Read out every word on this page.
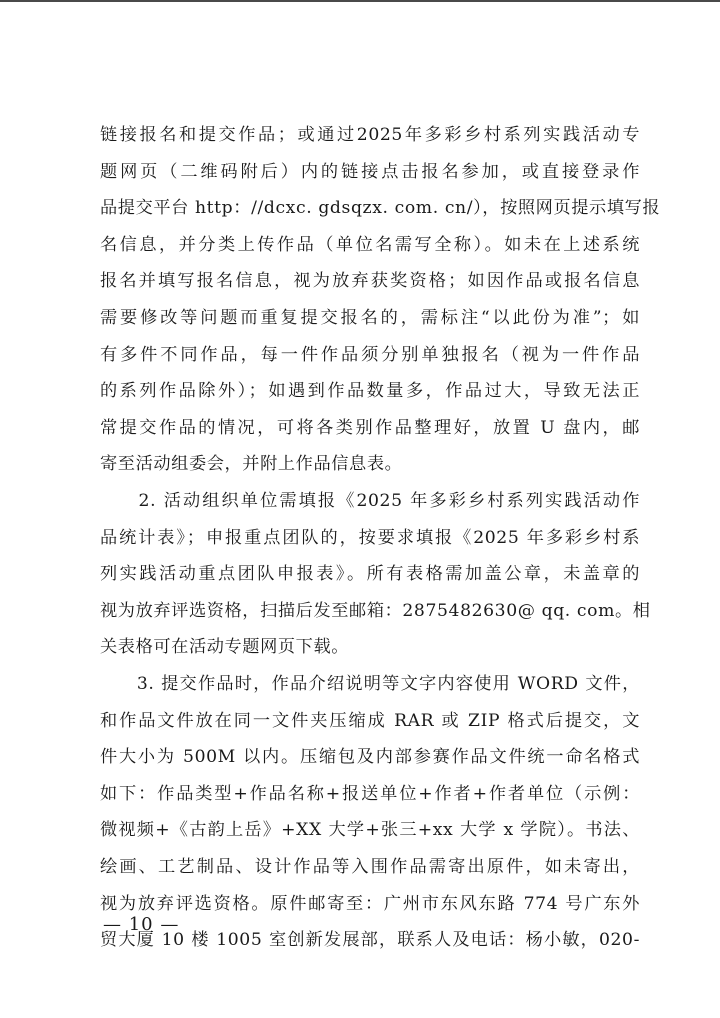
链接报名和提交作品；或通过2025年多彩乡村系列实践活动专
题网页（二维码附后）内的链接点击报名参加，或直接登录作
品提交平台 http：//dcxc. gdsqzx. com. cn/），按照网页提示填写报
名信息，并分类上传作品（单位名需写全称）。如未在上述系统
报名并填写报名信息，视为放弃获奖资格；如因作品或报名信息
需要修改等问题而重复提交报名的，需标注“以此份为准”；如
有多件不同作品，每一件作品须分别单独报名（视为一件作品
的系列作品除外）；如遇到作品数量多，作品过大，导致无法正
常提交作品的情况，可将各类别作品整理好，放置 U 盘内，邮
寄至活动组委会，并附上作品信息表。
　　2. 活动组织单位需填报《2025 年多彩乡村系列实践活动作
品统计表》；申报重点团队的，按要求填报《2025 年多彩乡村系
列实践活动重点团队申报表》。所有表格需加盖公章，未盖章的
视为放弃评选资格，扫描后发至邮箱：2875482630@ qq. com。相
关表格可在活动专题网页下载。
　　3. 提交作品时，作品介绍说明等文字内容使用 WORD 文件，
和作品文件放在同一文件夹压缩成 RAR 或 ZIP 格式后提交，文
件大小为 500M 以内。压缩包及内部参赛作品文件统一命名格式
如下：作品类型+作品名称+报送单位+作者+作者单位（示例：
微视频+《古韵上岳》+XX 大学+张三+xx 大学 x 学院）。书法、
绘画、工艺制品、设计作品等入围作品需寄出原件，如未寄出，
视为放弃评选资格。原件邮寄至：广州市东风东路 774 号广东外
贸大厦 10 楼 1005 室创新发展部，联系人及电话：杨小敏，020-
— 10 —
